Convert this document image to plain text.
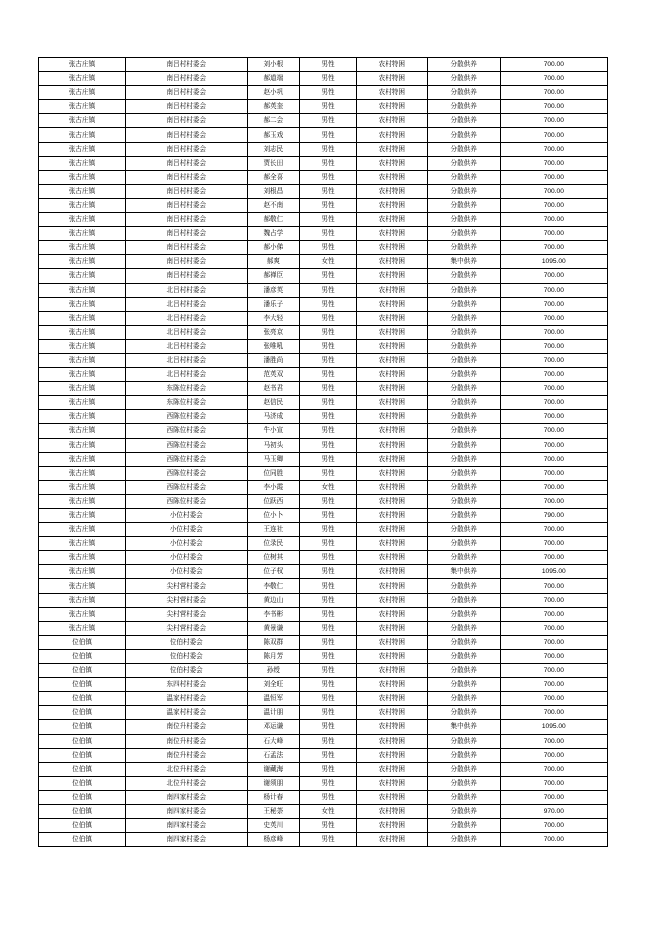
张古庄镇	南吕村村委会	刘小根	男性	农村特困	分散供养	700.00
张古庄镇	南吕村村委会	郝道端	男性	农村特困	分散供养	700.00
张古庄镇	南吕村村委会	赵小巩	男性	农村特困	分散供养	700.00
张古庄镇	南吕村村委会	郝英奎	男性	农村特困	分散供养	700.00
张古庄镇	南吕村村委会	郝二会	男性	农村特困	分散供养	700.00
张古庄镇	南吕村村委会	郝玉戏	男性	农村特困	分散供养	700.00
张古庄镇	南吕村村委会	刘志民	男性	农村特困	分散供养	700.00
张古庄镇	南吕村村委会	贾长田	男性	农村特困	分散供养	700.00
张古庄镇	南吕村村委会	郝全喜	男性	农村特困	分散供养	700.00
张古庄镇	南吕村村委会	刘根昌	男性	农村特困	分散供养	700.00
张古庄镇	南吕村村委会	赵不南	男性	农村特困	分散供养	700.00
张古庄镇	南吕村村委会	郝敬仁	男性	农村特困	分散供养	700.00
张古庄镇	南吕村村委会	魏占学	男性	农村特困	分散供养	700.00
张古庄镇	南吕村村委会	郝小俤	男性	农村特困	分散供养	700.00
张古庄镇	南吕村村委会	郝爽	女性	农村特困	集中供养	1095.00
张古庄镇	南吕村村委会	郝禅臣	男性	农村特困	分散供养	700.00
张古庄镇	北吕村村委会	潘彦英	男性	农村特困	分散供养	700.00
张古庄镇	北吕村村委会	潘乐子	男性	农村特困	分散供养	700.00
张古庄镇	北吕村村委会	李大轻	男性	农村特困	分散供养	700.00
张古庄镇	北吕村村委会	张亮京	男性	农村特困	分散供养	700.00
张古庄镇	北吕村村委会	张唯吼	男性	农村特困	分散供养	700.00
张古庄镇	北吕村村委会	潘胜尚	男性	农村特困	分散供养	700.00
张古庄镇	北吕村村委会	范英双	男性	农村特困	分散供养	700.00
张古庄镇	东陈位村委会	赵书君	男性	农村特困	分散供养	700.00
张古庄镇	东陈位村委会	赵信民	男性	农村特困	分散供养	700.00
张古庄镇	西陈位村委会	马济成	男性	农村特困	分散供养	700.00
张古庄镇	西陈位村委会	牛小宣	男性	农村特困	分散供养	700.00
张古庄镇	西陈位村委会	马初头	男性	农村特困	分散供养	700.00
张古庄镇	西陈位村委会	马玉卿	男性	农村特困	分散供养	700.00
张古庄镇	西陈位村委会	位同胜	男性	农村特困	分散供养	700.00
张古庄镇	西陈位村委会	李小霞	女性	农村特困	分散供养	700.00
张古庄镇	西陈位村委会	位跃西	男性	农村特困	分散供养	700.00
张古庄镇	小位村委会	位小卜	男性	农村特困	分散供养	790.00
张古庄镇	小位村委会	王连社	男性	农村特困	分散供养	700.00
张古庄镇	小位村委会	位录民	男性	农村特困	分散供养	700.00
张古庄镇	小位村委会	位树其	男性	农村特困	分散供养	700.00
张古庄镇	小位村委会	位子权	男性	农村特困	集中供养	1095.00
张古庄镇	尖村营村委会	李敬仁	男性	农村特困	分散供养	700.00
张古庄镇	尖村营村委会	黄边山	男性	农村特困	分散供养	700.00
张古庄镇	尖村营村委会	李书彬	男性	农村特困	分散供养	700.00
张古庄镇	尖村营村委会	黄景谦	男性	农村特困	分散供养	700.00
位伯镇	位伯村委会	陈双群	男性	农村特困	分散供养	700.00
位伯镇	位伯村委会	陈月芳	男性	农村特困	分散供养	700.00
位伯镇	位伯村委会	孙绶	男性	农村特困	分散供养	700.00
位伯镇	东四村村委会	刘全旺	男性	农村特困	分散供养	700.00
位伯镇	温家村村委会	温恒军	男性	农村特困	分散供养	700.00
位伯镇	温家村村委会	温计朋	男性	农村特困	分散供养	700.00
位伯镇	南位升村委会	邓运谦	男性	农村特困	集中供养	1095.00
位伯镇	南位升村委会	石大峰	男性	农村特困	分散供养	700.00
位伯镇	南位升村委会	石孟法	男性	农村特困	分散供养	700.00
位伯镇	北位升村委会	谢藏海	男性	农村特困	分散供养	700.00
位伯镇	北位升村委会	谢须朋	男性	农村特困	分散供养	700.00
位伯镇	南四家村委会	杨计春	男性	农村特困	分散供养	700.00
位伯镇	南四家村委会	王秘荼	女性	农村特困	分散供养	970.00
位伯镇	南四家村委会	史英川	男性	农村特困	分散供养	700.00
位伯镇	南四家村委会	杨彦峰	男性	农村特困	分散供养	700.00
